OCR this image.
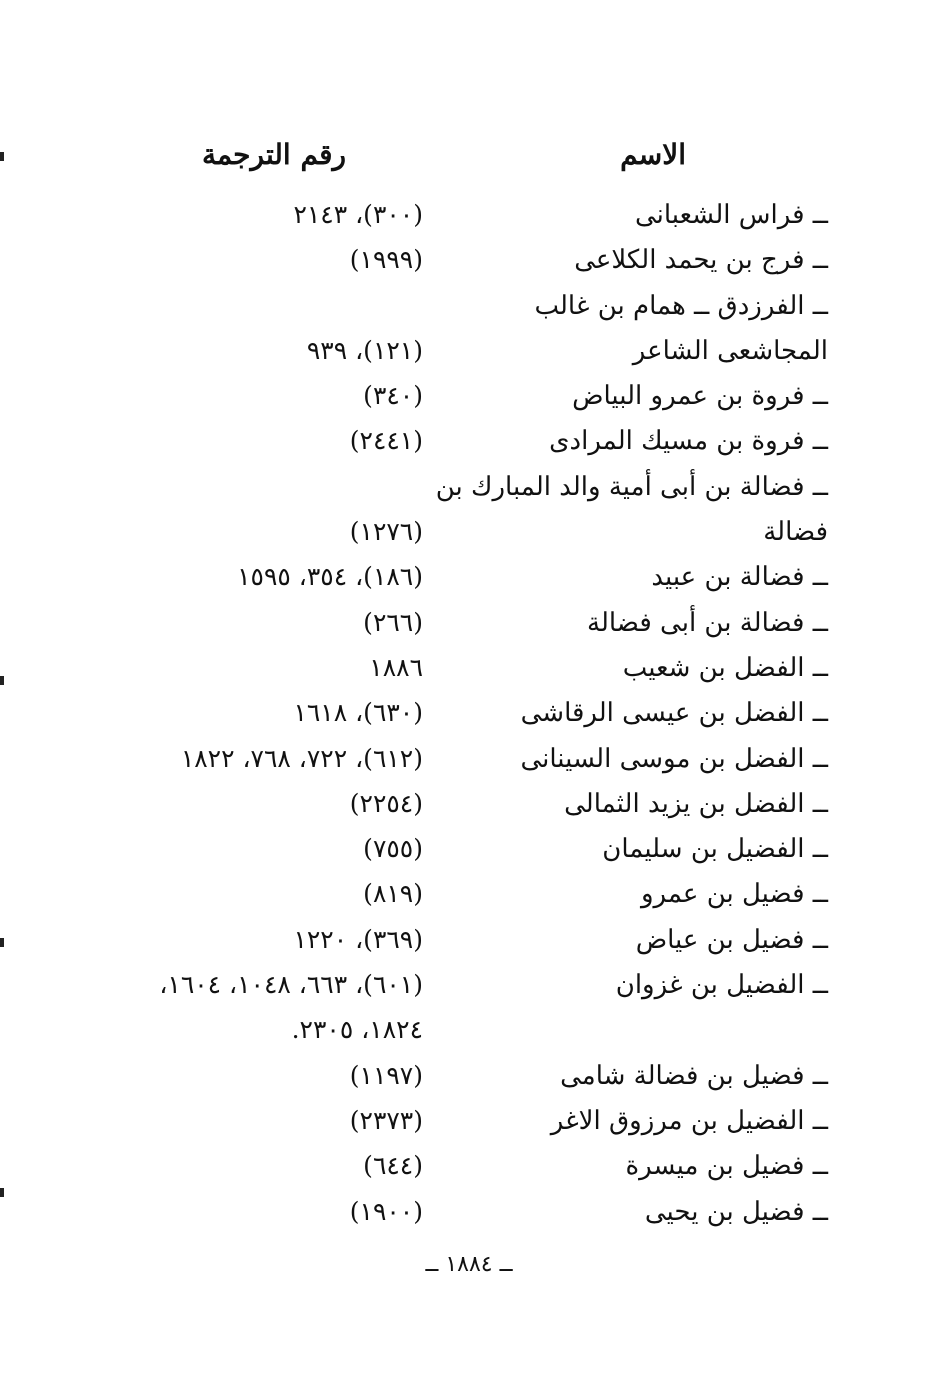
الاسم
رقم الترجمة
ــ فراس الشعبانى
(٣٠٠)، ٢١٤٣
ــ فرج بن يحمد الكلاعى
(١٩٩٩)
ــ الفرزدق ــ همام بن غالب
المجاشعى الشاعر
(١٢١)، ٩٣٩
ــ فروة بن عمرو البياض
(٣٤٠)
ــ فروة بن مسيك المرادى
(٢٤٤١)
ــ فضالة بن أبى أمية والد المبارك بن
فضالة
(١٢٧٦)
ــ فضالة بن عبيد
(١٨٦)، ٣٥٤، ١٥٩٥
ــ فضالة بن أبى فضالة
(٢٦٦)
ــ الفضل بن شعيب
١٨٨٦
ــ الفضل بن عيسى الرقاشى
(٦٣٠)، ١٦١٨
ــ الفضل بن موسى السينانى
(٦١٢)، ٧٢٢، ٧٦٨، ١٨٢٢
ــ الفضل بن يزيد الثمالى
(٢٢٥٤)
ــ الفضيل بن سليمان
(٧٥٥)
ــ فضيل بن عمرو
(٨١٩)
ــ فضيل بن عياض
(٣٦٩)، ١٢٢٠
ــ الفضيل بن غزوان
(٦٠١)، ٦٦٣، ١٠٤٨، ١٦٠٤،
١٨٢٤، ٢٣٠٥.
ــ فضيل بن فضالة شامى
(١١٩٧)
ــ الفضيل بن مرزوق الاغر
(٢٣٧٣)
ــ فضيل بن ميسرة
(٦٤٤)
ــ فضيل بن يحيى
(١٩٠٠)
ــ ١٨٨٤ ــ
